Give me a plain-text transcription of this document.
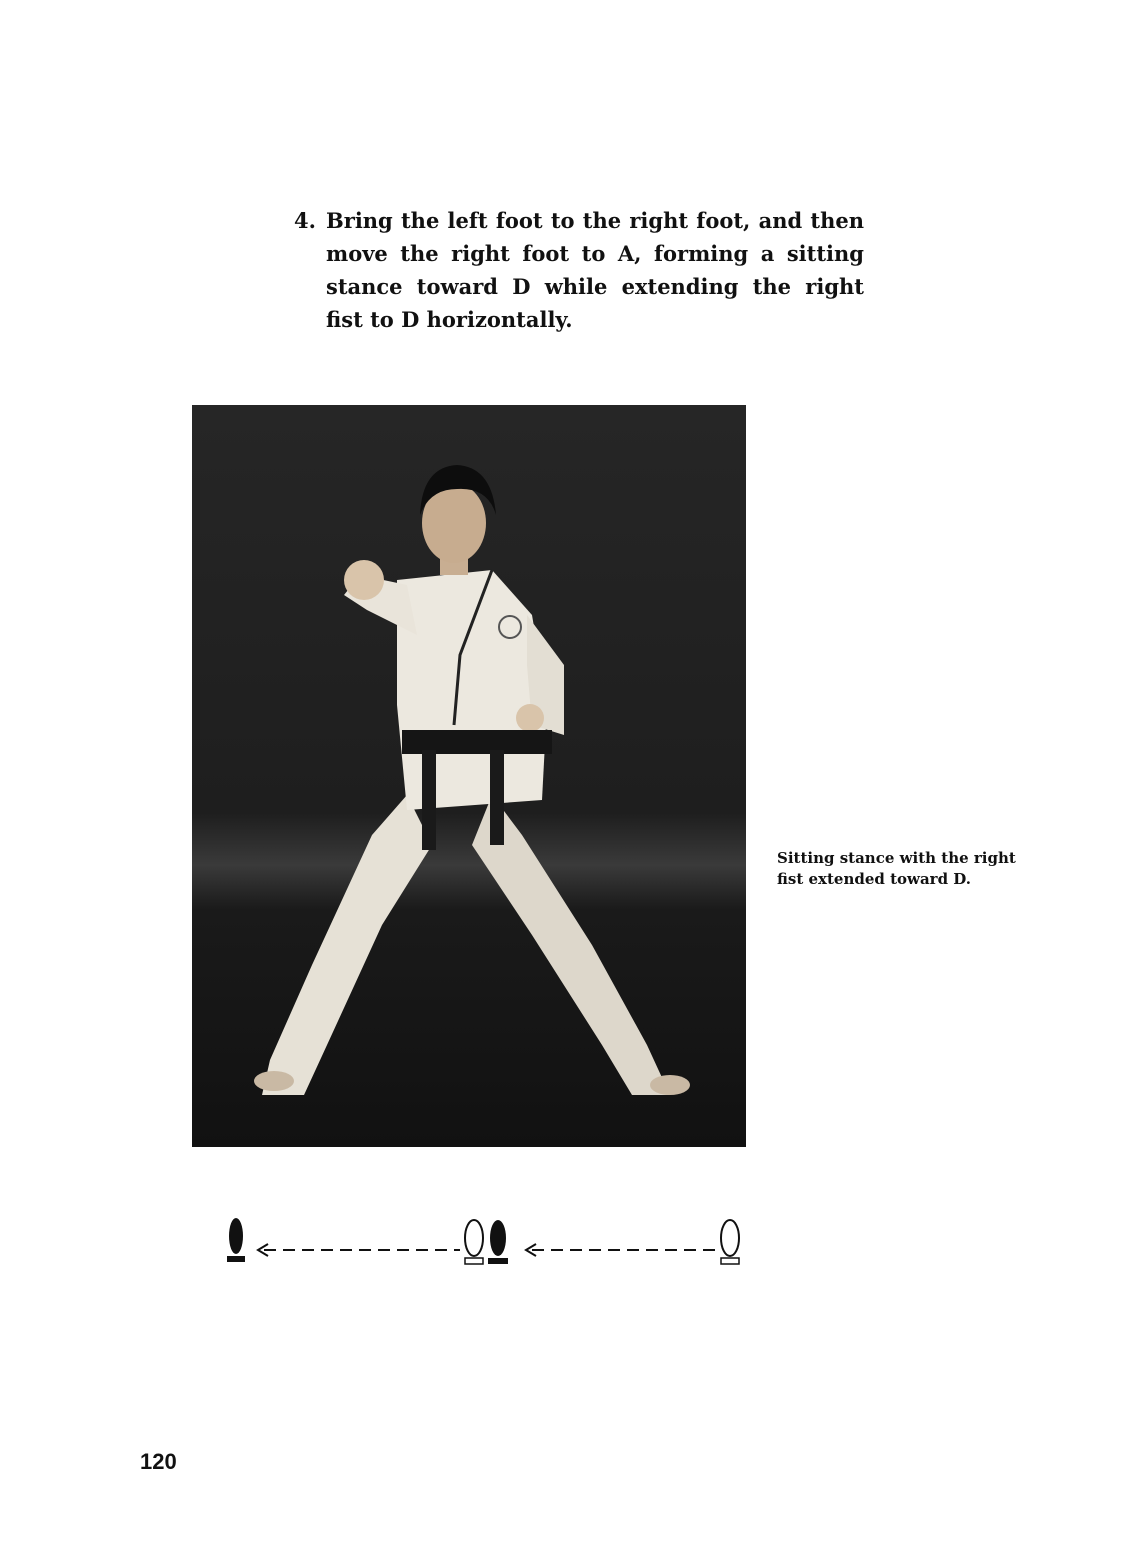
4. Bring the left foot to the right foot, and then move the right foot to A, forming a sitting stance toward D while extending the right fist to D horizontally.

Sitting stance with the right fist extended toward D.

120
